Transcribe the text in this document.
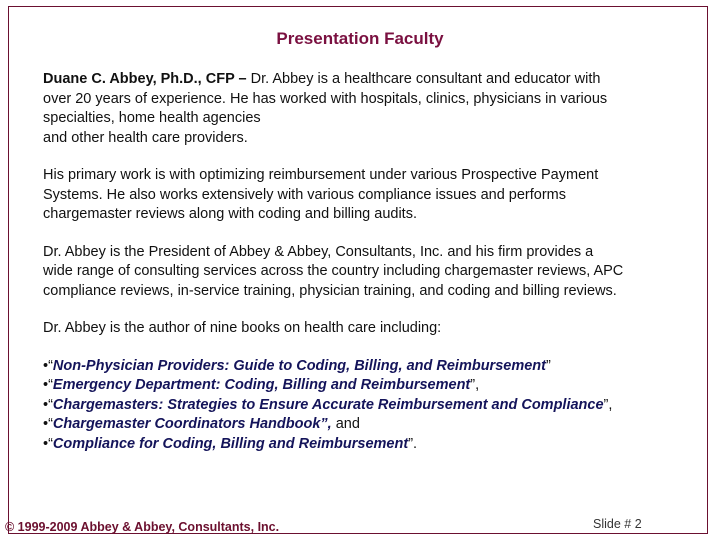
Presentation Faculty

Duane C. Abbey, Ph.D., CFP – Dr. Abbey is a healthcare consultant and educator with
over 20 years of experience. He has worked with hospitals, clinics, physicians in various
specialties, home health agencies
and other health care providers.

His primary work is with optimizing reimbursement under various Prospective Payment
Systems. He also works extensively with various compliance issues and performs
chargemaster reviews along with coding and billing audits.

Dr. Abbey is the President of Abbey & Abbey, Consultants, Inc. and his firm provides a
wide range of consulting services across the country including chargemaster reviews, APC
compliance reviews, in-service training, physician training, and coding and billing reviews.

Dr. Abbey is the author of nine books on health care including:

•“Non-Physician Providers: Guide to Coding, Billing, and Reimbursement”
•“Emergency Department: Coding, Billing and Reimbursement”,
•“Chargemasters: Strategies to Ensure Accurate Reimbursement and Compliance”,
•“Chargemaster Coordinators Handbook”, and
•“Compliance for Coding, Billing and Reimbursement”.
© 1999-2009 Abbey & Abbey, Consultants, Inc.	Slide # 2
